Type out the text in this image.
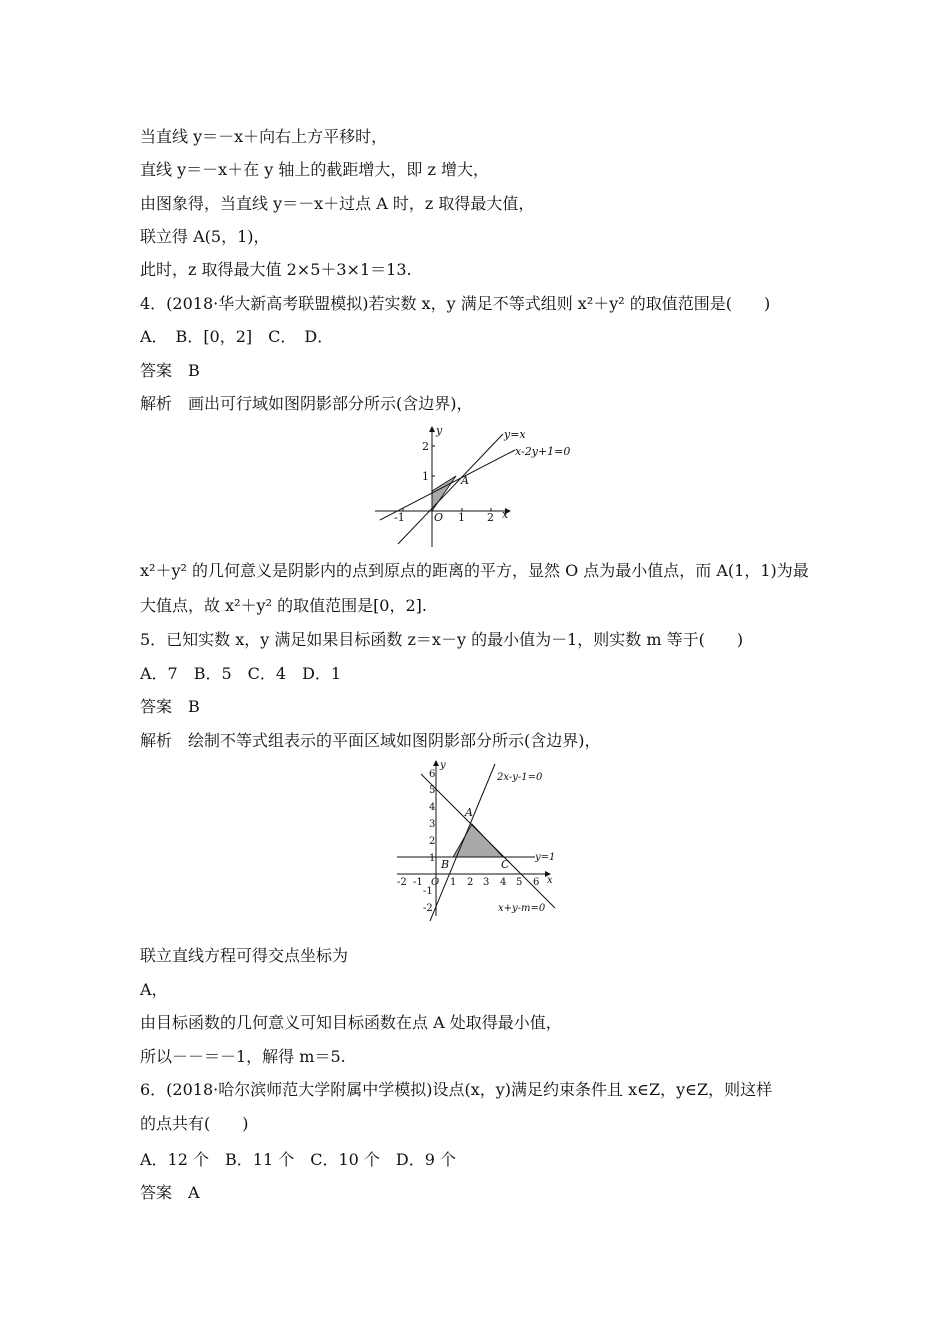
当直线 y＝－x＋向右上方平移时，
直线 y＝－x＋在 y 轴上的截距增大，即 z 增大，
由图象得，当直线 y＝－x＋过点 A 时，z 取得最大值，
联立得 A(5，1)，
此时，z 取得最大值 2×5＋3×1＝13.
4．(2018·华大新高考联盟模拟)若实数 x，y 满足不等式组则 x²＋y² 的取值范围是(　　)
A．　B．[0，2]　C．　D．
答案　B
解析　画出可行域如图阴影部分所示(含边界)，
-1	1 2
1
2
x
y
O
A
y=x
x-2y+1=0
x²＋y² 的几何意义是阴影内的点到原点的距离的平方，显然 O 点为最小值点，而 A(1，1)为最
大值点，故 x²＋y² 的取值范围是[0，2].
5．已知实数 x，y 满足如果目标函数 z＝x－y 的最小值为－1，则实数 m 等于(　　)
A．7　B．5　C．4　D．1
答案　B
解析　绘制不等式组表示的平面区域如图阴影部分所示(含边界)，
-2 -1	1 2 3 4 5 6
6
5
4
3
2
1
-1
-2
x
y
O
A
B	C
2x-y-1=0
y=1
x+y-m=0
联立直线方程可得交点坐标为
A，
由目标函数的几何意义可知目标函数在点 A 处取得最小值，
所以－－＝－1，解得 m＝5.
6．(2018·哈尔滨师范大学附属中学模拟)设点(x，y)满足约束条件且 x∈Z，y∈Z，则这样
的点共有(　　)
A．12 个　B．11 个　C．10 个　D．9 个
答案　A
